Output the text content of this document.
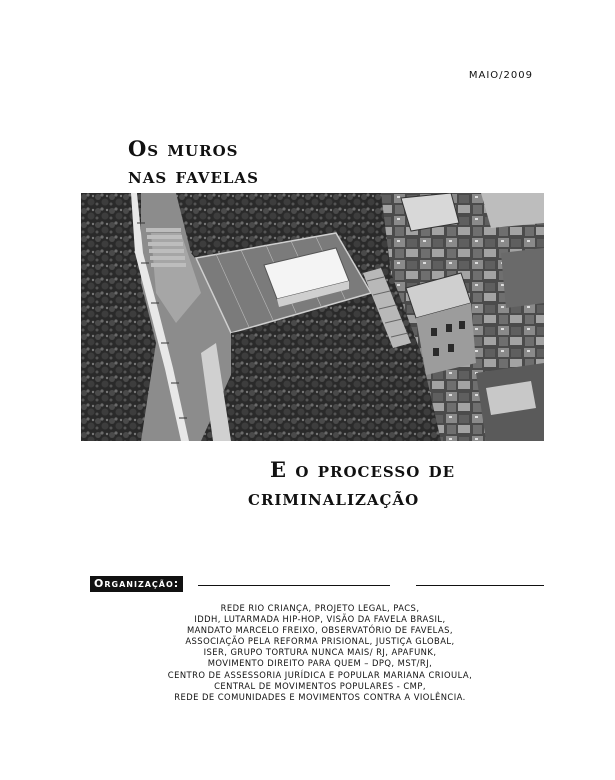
MAIO/2009
Os muros
nas favelas
E o processo de
criminalização
Organização:
REDE RIO CRIANÇA, PROJETO LEGAL, PACS,
IDDH, LUTARMADA HIP-HOP, VISÃO DA FAVELA BRASIL,
MANDATO MARCELO FREIXO, OBSERVATÓRIO DE FAVELAS,
ASSOCIAÇÃO PELA REFORMA PRISIONAL, JUSTIÇA GLOBAL,
ISER, GRUPO TORTURA NUNCA MAIS/ RJ, APAFUNK,
MOVIMENTO DIREITO PARA QUEM – DPQ, MST/RJ,
CENTRO DE ASSESSORIA JURÍDICA E POPULAR MARIANA CRIOULA,
CENTRAL DE MOVIMENTOS POPULARES - CMP,
REDE DE COMUNIDADES E MOVIMENTOS CONTRA A VIOLÊNCIA.
